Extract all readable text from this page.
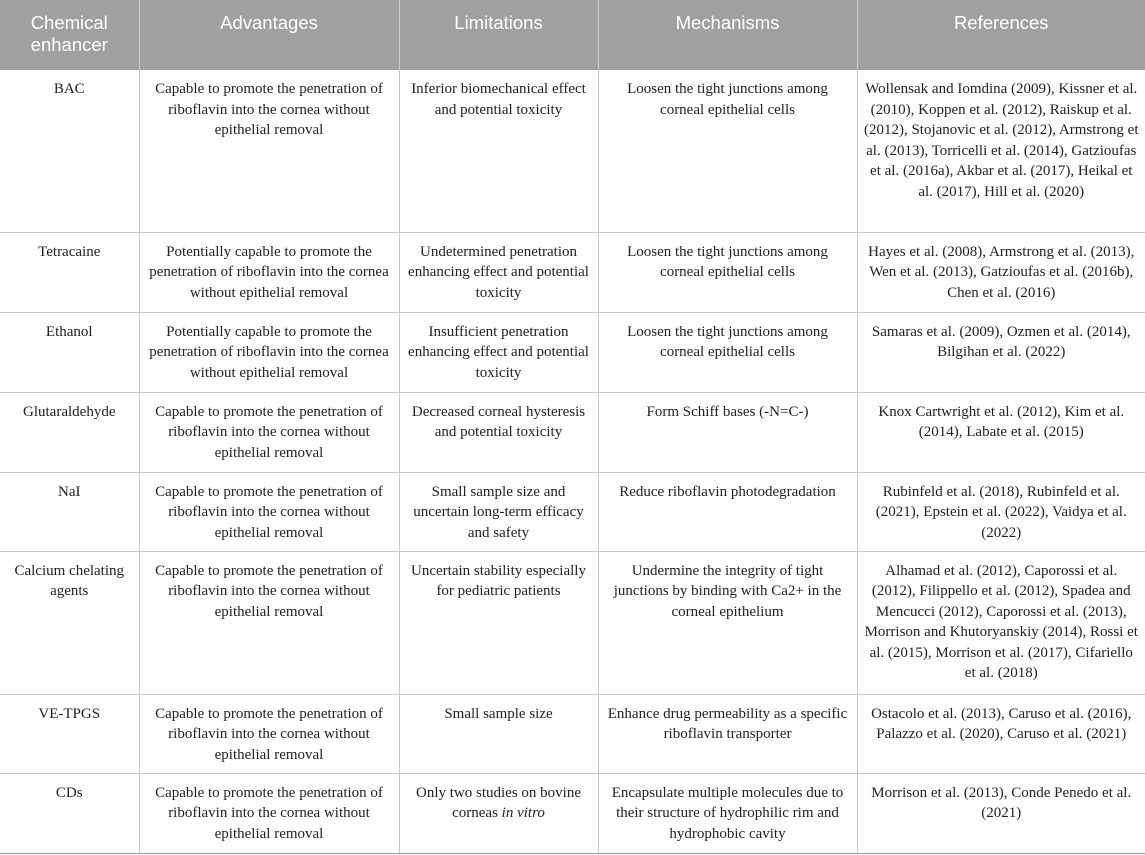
Chemical enhancer	Advantages	Limitations	Mechanisms	References
BAC	Capable to promote the penetration of riboflavin into the cornea without epithelial removal	Inferior biomechanical effect and potential toxicity	Loosen the tight junctions among corneal epithelial cells	Wollensak and Iomdina (2009), Kissner et al. (2010), Koppen et al. (2012), Raiskup et al. (2012), Stojanovic et al. (2012), Armstrong et al. (2013), Torricelli et al. (2014), Gatzioufas et al. (2016a), Akbar et al. (2017), Heikal et al. (2017), Hill et al. (2020)
Tetracaine	Potentially capable to promote the penetration of riboflavin into the cornea without epithelial removal	Undetermined penetration enhancing effect and potential toxicity	Loosen the tight junctions among corneal epithelial cells	Hayes et al. (2008), Armstrong et al. (2013), Wen et al. (2013), Gatzioufas et al. (2016b), Chen et al. (2016)
Ethanol	Potentially capable to promote the penetration of riboflavin into the cornea without epithelial removal	Insufficient penetration enhancing effect and potential toxicity	Loosen the tight junctions among corneal epithelial cells	Samaras et al. (2009), Ozmen et al. (2014), Bilgihan et al. (2022)
Glutaraldehyde	Capable to promote the penetration of riboflavin into the cornea without epithelial removal	Decreased corneal hysteresis and potential toxicity	Form Schiff bases (-N=C-)	Knox Cartwright et al. (2012), Kim et al. (2014), Labate et al. (2015)
NaI	Capable to promote the penetration of riboflavin into the cornea without epithelial removal	Small sample size and uncertain long-term efficacy and safety	Reduce riboflavin photodegradation	Rubinfeld et al. (2018), Rubinfeld et al. (2021), Epstein et al. (2022), Vaidya et al. (2022)
Calcium chelating agents	Capable to promote the penetration of riboflavin into the cornea without epithelial removal	Uncertain stability especially for pediatric patients	Undermine the integrity of tight junctions by binding with Ca2+ in the corneal epithelium	Alhamad et al. (2012), Caporossi et al. (2012), Filippello et al. (2012), Spadea and Mencucci (2012), Caporossi et al. (2013), Morrison and Khutoryanskiy (2014), Rossi et al. (2015), Morrison et al. (2017), Cifariello et al. (2018)
VE-TPGS	Capable to promote the penetration of riboflavin into the cornea without epithelial removal	Small sample size	Enhance drug permeability as a specific riboflavin transporter	Ostacolo et al. (2013), Caruso et al. (2016), Palazzo et al. (2020), Caruso et al. (2021)
CDs	Capable to promote the penetration of riboflavin into the cornea without epithelial removal	Only two studies on bovine corneas in vitro	Encapsulate multiple molecules due to their structure of hydrophilic rim and hydrophobic cavity	Morrison et al. (2013), Conde Penedo et al. (2021)
